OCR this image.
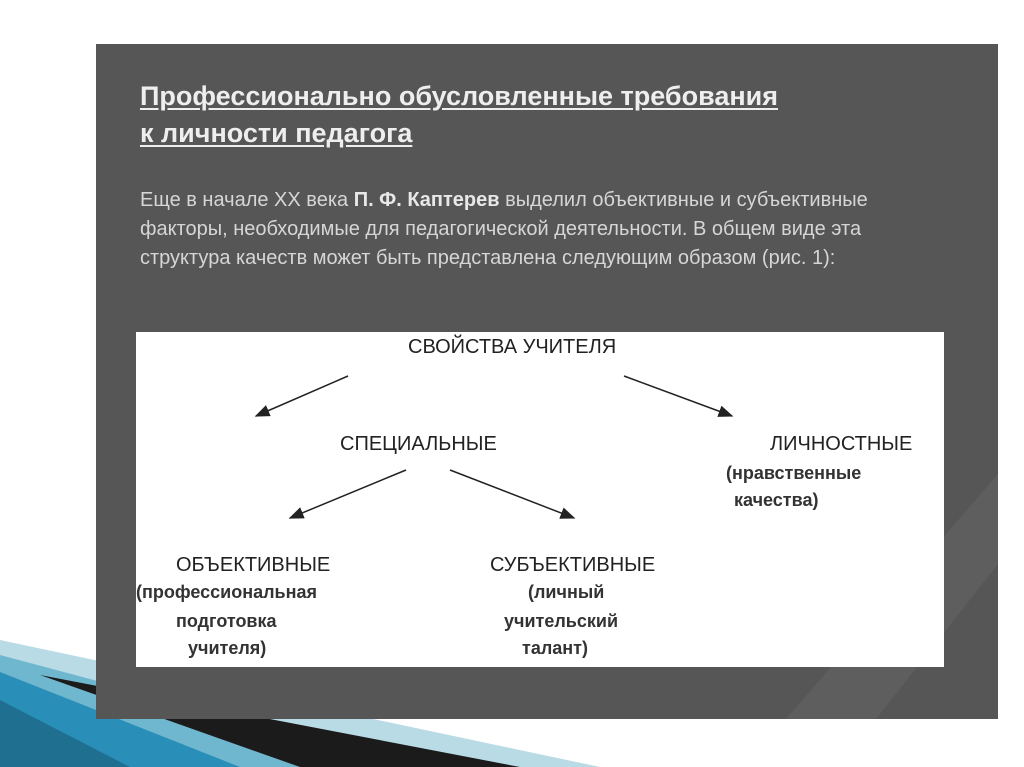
Профессионально обусловленные требования
к личности педагога
Еще в начале XX века П. Ф. Каптерев выделил объективные и субъективные факторы, необходимые для педагогической деятельности. В общем виде эта структура качеств может быть представлена следующим образом (рис. 1):
СВОЙСТВА УЧИТЕЛЯ
СПЕЦИАЛЬНЫЕ	ЛИЧНОСТНЫЕ
(нравственные
качества)
ОБЪЕКТИВНЫЕ
(профессиональная
подготовка
учителя)
СУБЪЕКТИВНЫЕ
(личный
учительский
талант)
